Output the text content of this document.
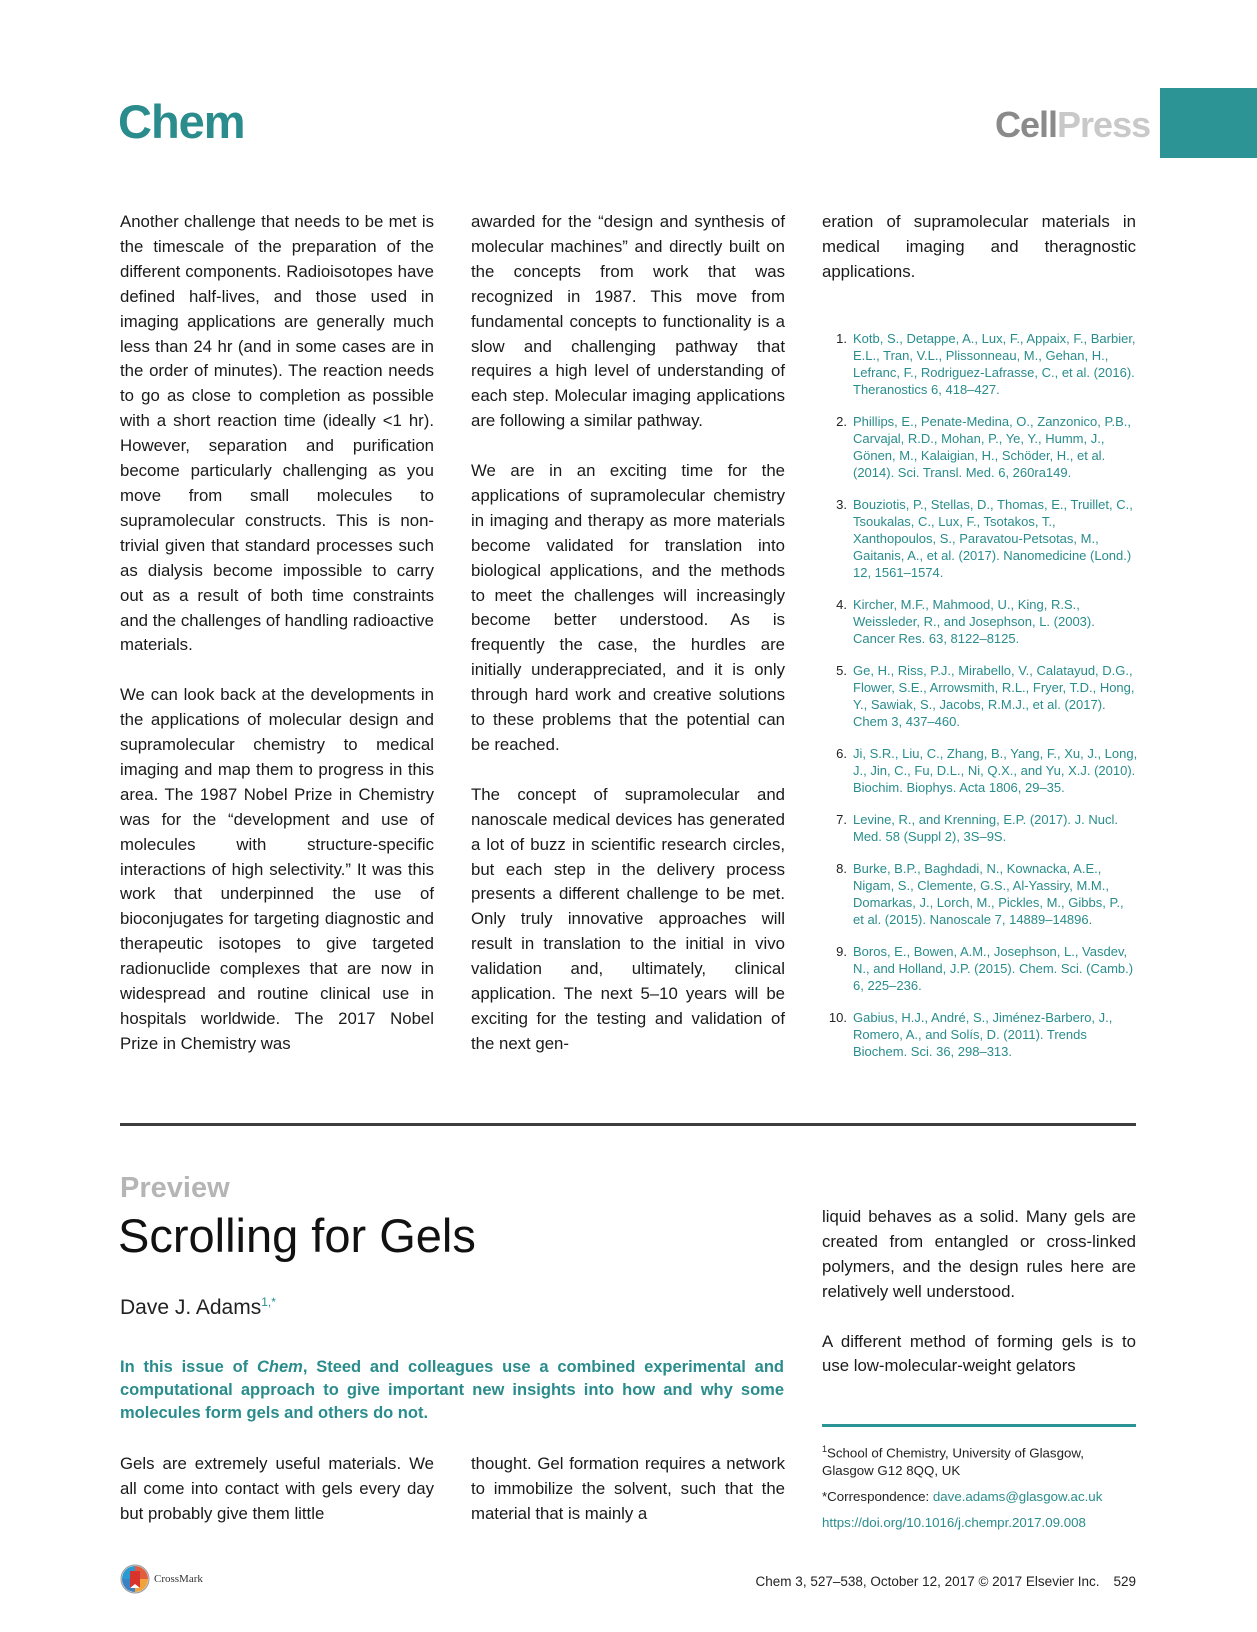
Chem	CellPress

Another challenge that needs to be met is the timescale of the preparation of the different components. Radioisotopes have defined half-lives, and those used in imaging applications are generally much less than 24 hr (and in some cases are in the order of minutes). The reaction needs to go as close to completion as possible with a short reaction time (ideally <1 hr). However, separation and purification become particularly challenging as you move from small molecules to supramolecular constructs. This is non-trivial given that standard processes such as dialysis become impossible to carry out as a result of both time constraints and the challenges of handling radioactive materials.

We can look back at the developments in the applications of molecular design and supramolecular chemistry to medical imaging and map them to progress in this area. The 1987 Nobel Prize in Chemistry was for the “development and use of molecules with structure-specific interactions of high selectivity.” It was this work that underpinned the use of bioconjugates for targeting diagnostic and therapeutic isotopes to give targeted radionuclide complexes that are now in widespread and routine clinical use in hospitals worldwide. The 2017 Nobel Prize in Chemistry was

awarded for the “design and synthesis of molecular machines” and directly built on the concepts from work that was recognized in 1987. This move from fundamental concepts to functionality is a slow and challenging pathway that requires a high level of understanding of each step. Molecular imaging applications are following a similar pathway.

We are in an exciting time for the applications of supramolecular chemistry in imaging and therapy as more materials become validated for translation into biological applications, and the methods to meet the challenges will increasingly become better understood. As is frequently the case, the hurdles are initially underappreciated, and it is only through hard work and creative solutions to these problems that the potential can be reached.

The concept of supramolecular and nanoscale medical devices has generated a lot of buzz in scientific research circles, but each step in the delivery process presents a different challenge to be met. Only truly innovative approaches will result in translation to the initial in vivo validation and, ultimately, clinical application. The next 5–10 years will be exciting for the testing and validation of the next gen-

eration of supramolecular materials in medical imaging and theragnostic applications.

1. Kotb, S., Detappe, A., Lux, F., Appaix, F., Barbier, E.L., Tran, V.L., Plissonneau, M., Gehan, H., Lefranc, F., Rodriguez-Lafrasse, C., et al. (2016). Theranostics 6, 418–427.
2. Phillips, E., Penate-Medina, O., Zanzonico, P.B., Carvajal, R.D., Mohan, P., Ye, Y., Humm, J., Gönen, M., Kalaigian, H., Schöder, H., et al. (2014). Sci. Transl. Med. 6, 260ra149.
3. Bouziotis, P., Stellas, D., Thomas, E., Truillet, C., Tsoukalas, C., Lux, F., Tsotakos, T., Xanthopoulos, S., Paravatou-Petsotas, M., Gaitanis, A., et al. (2017). Nanomedicine (Lond.) 12, 1561–1574.
4. Kircher, M.F., Mahmood, U., King, R.S., Weissleder, R., and Josephson, L. (2003). Cancer Res. 63, 8122–8125.
5. Ge, H., Riss, P.J., Mirabello, V., Calatayud, D.G., Flower, S.E., Arrowsmith, R.L., Fryer, T.D., Hong, Y., Sawiak, S., Jacobs, R.M.J., et al. (2017). Chem 3, 437–460.
6. Ji, S.R., Liu, C., Zhang, B., Yang, F., Xu, J., Long, J., Jin, C., Fu, D.L., Ni, Q.X., and Yu, X.J. (2010). Biochim. Biophys. Acta 1806, 29–35.
7. Levine, R., and Krenning, E.P. (2017). J. Nucl. Med. 58 (Suppl 2), 3S–9S.
8. Burke, B.P., Baghdadi, N., Kownacka, A.E., Nigam, S., Clemente, G.S., Al-Yassiry, M.M., Domarkas, J., Lorch, M., Pickles, M., Gibbs, P., et al. (2015). Nanoscale 7, 14889–14896.
9. Boros, E., Bowen, A.M., Josephson, L., Vasdev, N., and Holland, J.P. (2015). Chem. Sci. (Camb.) 6, 225–236.
10. Gabius, H.J., André, S., Jiménez-Barbero, J., Romero, A., and Solís, D. (2011). Trends Biochem. Sci. 36, 298–313.
Preview
Scrolling for Gels
Dave J. Adams$^{1,*}$
In this issue of Chem, Steed and colleagues use a combined experimental and computational approach to give important new insights into how and why some molecules form gels and others do not.

Gels are extremely useful materials. We all come into contact with gels every day but probably give them little

thought. Gel formation requires a network to immobilize the solvent, such that the material that is mainly a

liquid behaves as a solid. Many gels are created from entangled or cross-linked polymers, and the design rules here are relatively well understood.

A different method of forming gels is to use low-molecular-weight gelators

$^1$School of Chemistry, University of Glasgow, Glasgow G12 8QQ, UK
*Correspondence: dave.adams@glasgow.ac.uk
https://doi.org/10.1016/j.chempr.2017.09.008
CrossMark	Chem 3, 527–538, October 12, 2017 © 2017 Elsevier Inc. 529
